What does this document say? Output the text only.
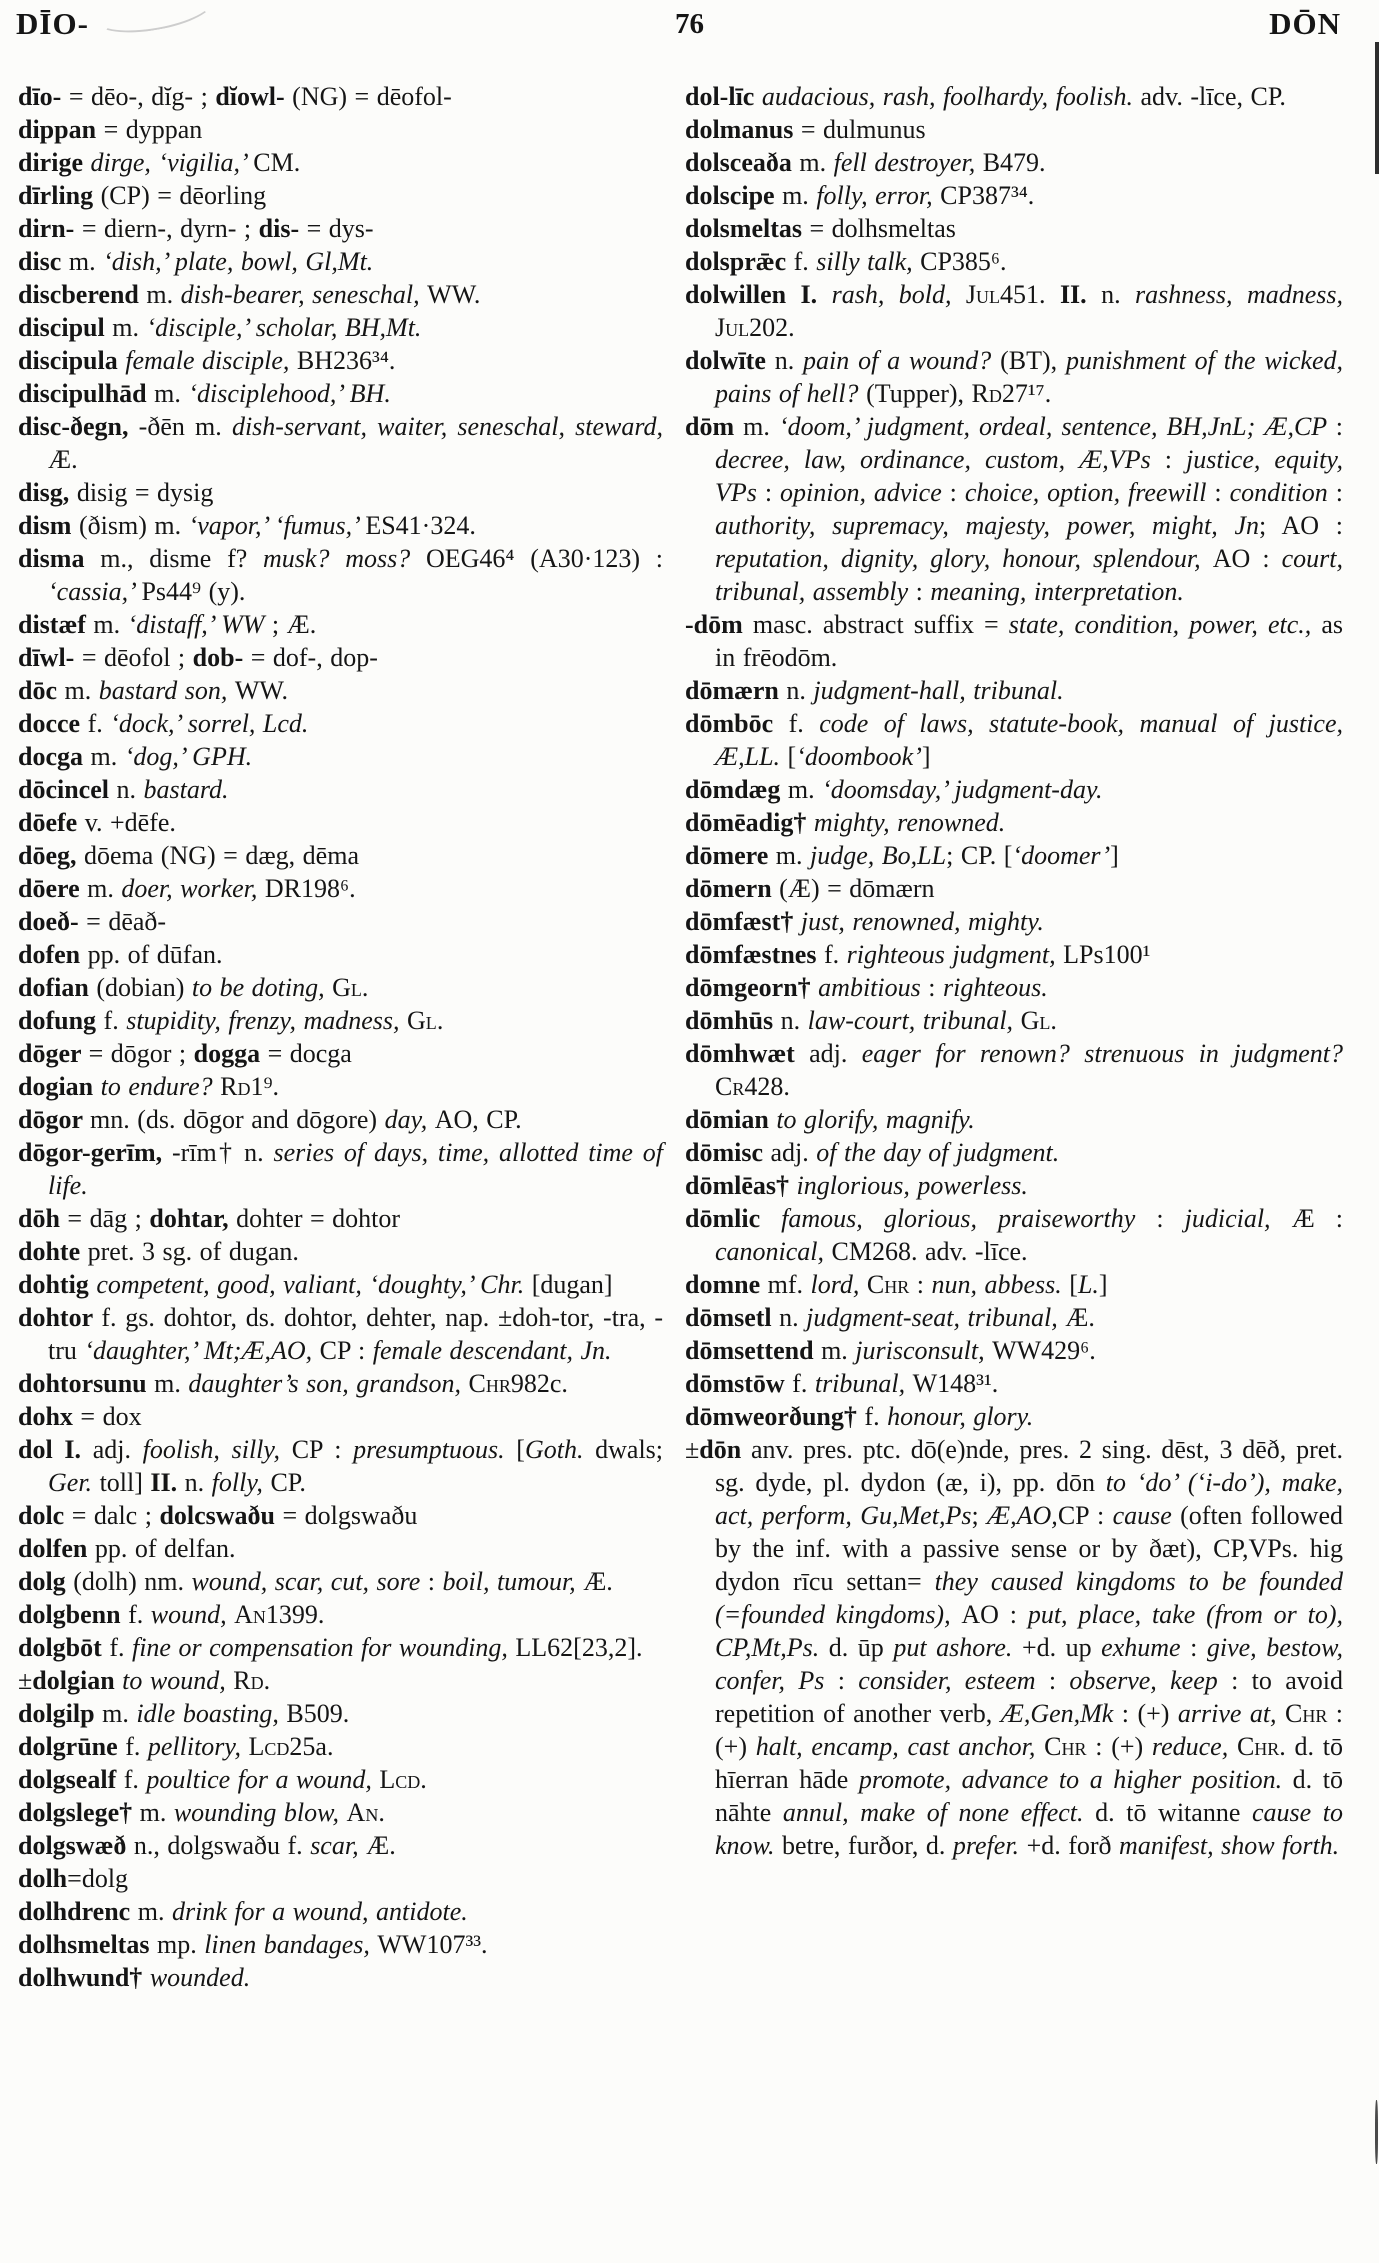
DĪO-	76	DŌN

dīo- = dēo-, dĭg- ; dĭowl- (NG) = dēofol-

dippan = dyppan

dirige dirge, ‘vigilia,’ CM.

dīrling (CP) = dēorling

dirn- = diern-, dyrn- ; dis- = dys-

disc m. ‘dish,’ plate, bowl, Gl,Mt.

discberend m. dish-bearer, seneschal, WW.

discipul m. ‘disciple,’ scholar, BH,Mt.

discipula female disciple, BH236³⁴.

discipulhād m. ‘disciplehood,’ BH.

disc-ðegn, -ðēn m. dish-servant, waiter, seneschal, steward, Æ.

disg, disig = dysig

dism (ðism) m. ‘vapor,’ ‘fumus,’ ES41·324.

disma m., disme f? musk? moss? OEG46⁴ (A30·123) : ‘cassia,’ Ps44⁹ (y).

distæf m. ‘distaff,’ WW ; Æ.

dīwl- = dēofol ; dob- = dof-, dop-

dōc m. bastard son, WW.

docce f. ‘dock,’ sorrel, Lcd.

docga m. ‘dog,’ GPH.

dōcincel n. bastard.

dōefe v. +dēfe.

dōeg, dōema (NG) = dæg, dēma

dōere m. doer, worker, DR198⁶.

doeð- = dēað-

dofen pp. of dūfan.

dofian (dobian) to be doting, Gl.

dofung f. stupidity, frenzy, madness, Gl.

dōger = dōgor ; dogga = docga

dogian to endure? Rd1⁹.

dōgor mn. (ds. dōgor and dōgore) day, AO, CP.

dōgor-gerīm, -rīm† n. series of days, time, allotted time of life.

dōh = dāg ; dohtar, dohter = dohtor

dohte pret. 3 sg. of dugan.

dohtig competent, good, valiant, ‘doughty,’ Chr. [dugan]

dohtor f. gs. dohtor, ds. dohtor, dehter, nap. ±doh-tor, -tra, -tru ‘daughter,’ Mt;Æ,AO, CP : female descendant, Jn.

dohtorsunu m. daughter’s son, grandson, Chr982c.

dohx = dox

dol I. adj. foolish, silly, CP : presumptuous. [Goth. dwals; Ger. toll] II. n. folly, CP.

dolc = dalc ; dolcswaðu = dolgswaðu

dolfen pp. of delfan.

dolg (dolh) nm. wound, scar, cut, sore : boil, tumour, Æ.

dolgbenn f. wound, An1399.

dolgbōt f. fine or compensation for wounding, LL62[23,2].

±dolgian to wound, Rd.

dolgilp m. idle boasting, B509.

dolgrūne f. pellitory, Lcd25a.

dolgsealf f. poultice for a wound, Lcd.

dolgslege† m. wounding blow, An.

dolgswæð n., dolgswaðu f. scar, Æ.

dolh=dolg

dolhdrenc m. drink for a wound, antidote.

dolhsmeltas mp. linen bandages, WW107³³.

dolhwund† wounded.

dol-līc audacious, rash, foolhardy, foolish. adv. -līce, CP.

dolmanus = dulmunus

dolsceaða m. fell destroyer, B479.

dolscipe m. folly, error, CP387³⁴.

dolsmeltas = dolhsmeltas

dolsprǣc f. silly talk, CP385⁶.

dolwillen I. rash, bold, Jul451. II. n. rashness, madness, Jul202.

dolwīte n. pain of a wound? (BT), punishment of the wicked, pains of hell? (Tupper), Rd27¹⁷.

dōm m. ‘doom,’ judgment, ordeal, sentence, BH,JnL; Æ,CP : decree, law, ordinance, custom, Æ,VPs : justice, equity, VPs : opinion, advice : choice, option, freewill : condition : authority, supremacy, majesty, power, might, Jn; AO : reputation, dignity, glory, honour, splendour, AO : court, tribunal, assembly : meaning, interpretation.

-dōm masc. abstract suffix = state, condition, power, etc., as in frēodōm.

dōmærn n. judgment-hall, tribunal.

dōmbōc f. code of laws, statute-book, manual of justice, Æ,LL. [‘doombook’]

dōmdæg m. ‘doomsday,’ judgment-day.

dōmēadig† mighty, renowned.

dōmere m. judge, Bo,LL; CP. [‘doomer’]

dōmern (Æ) = dōmærn

dōmfæst† just, renowned, mighty.

dōmfæstnes f. righteous judgment, LPs100¹

dōmgeorn† ambitious : righteous.

dōmhūs n. law-court, tribunal, Gl.

dōmhwæt adj. eager for renown? strenuous in judgment? Cr428.

dōmian to glorify, magnify.

dōmisc adj. of the day of judgment.

dōmlēas† inglorious, powerless.

dōmlic famous, glorious, praiseworthy : judicial, Æ : canonical, CM268. adv. -līce.

domne mf. lord, Chr : nun, abbess. [L.]

dōmsetl n. judgment-seat, tribunal, Æ.

dōmsettend m. jurisconsult, WW429⁶.

dōmstōw f. tribunal, W148³¹.

dōmweorðung† f. honour, glory.

±dōn anv. pres. ptc. dō(e)nde, pres. 2 sing. dēst, 3 dēð, pret. sg. dyde, pl. dydon (æ, i), pp. dōn to ‘do’ (‘i-do’), make, act, perform, Gu,Met,Ps; Æ,AO,CP : cause (often followed by the inf. with a passive sense or by ðæt), CP,VPs. hig dydon rīcu settan= they caused kingdoms to be founded (=founded kingdoms), AO : put, place, take (from or to), CP,Mt,Ps. d. ūp put ashore. +d. up exhume : give, bestow, confer, Ps : consider, esteem : observe, keep : to avoid repetition of another verb, Æ,Gen,Mk : (+) arrive at, Chr : (+) halt, encamp, cast anchor, Chr : (+) reduce, Chr. d. tō hīerran hāde promote, advance to a higher position. d. tō nāhte annul, make of none effect. d. tō witanne cause to know. betre, furðor, d. prefer. +d. forð manifest, show forth.
